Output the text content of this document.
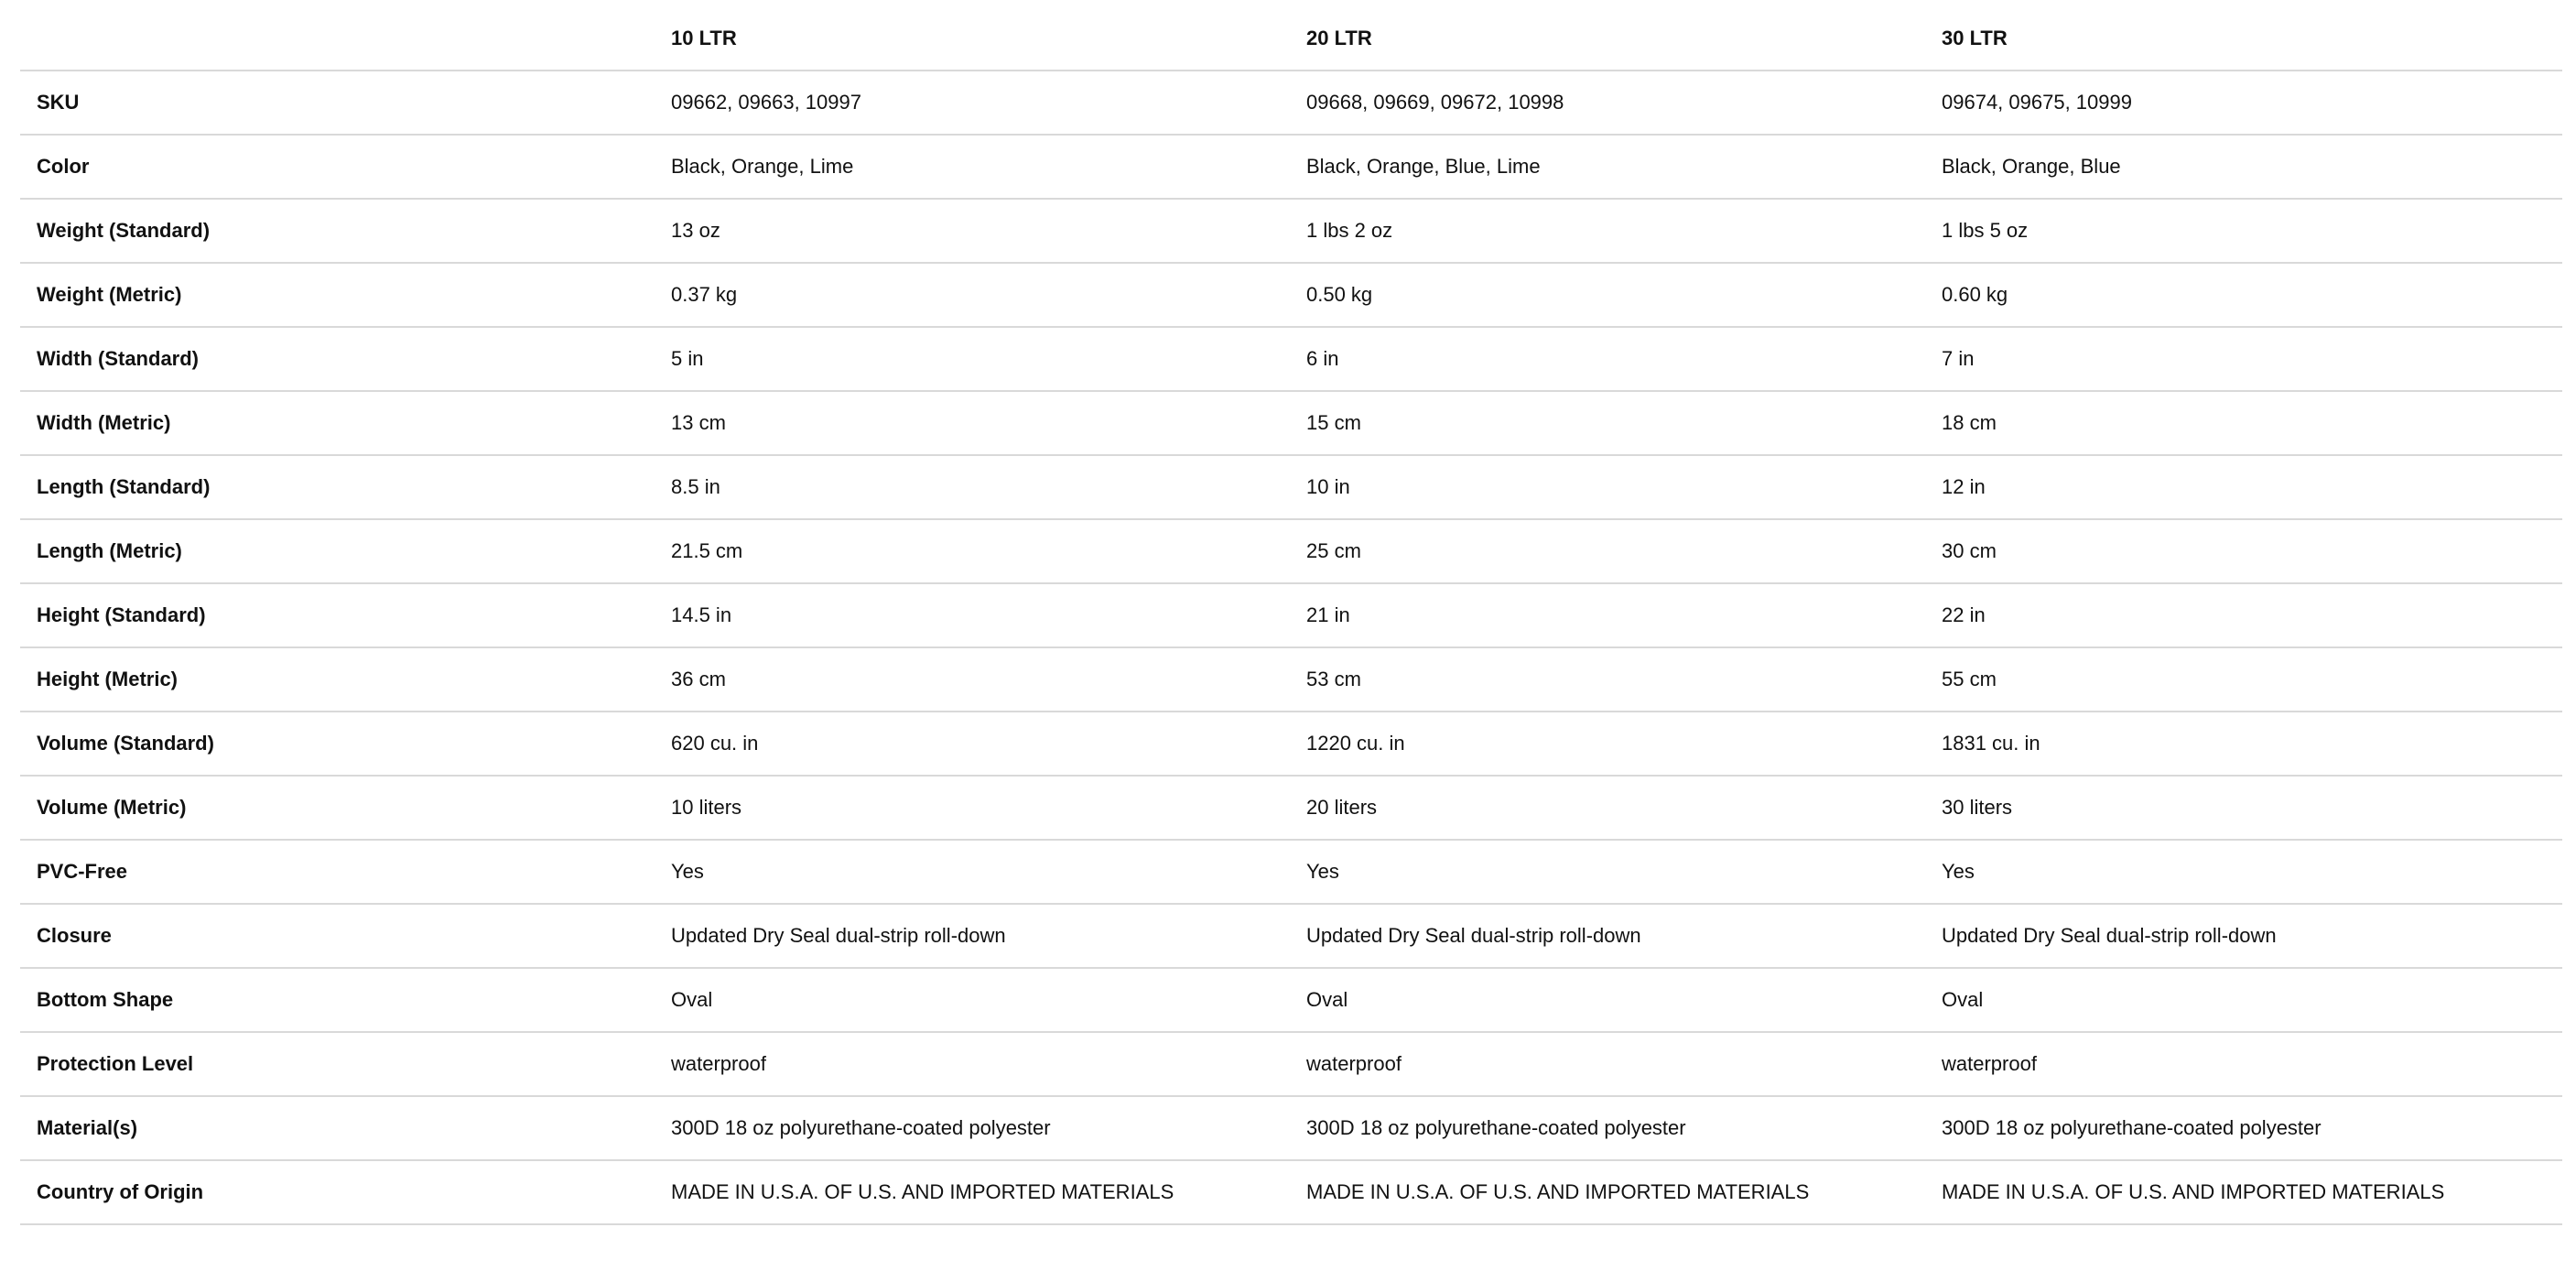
	10 LTR	20 LTR	30 LTR
SKU	09662, 09663, 10997	09668, 09669, 09672, 10998	09674, 09675, 10999
Color	Black, Orange, Lime	Black, Orange, Blue, Lime	Black, Orange, Blue
Weight (Standard)	13 oz	1 lbs 2 oz	1 lbs 5 oz
Weight (Metric)	0.37 kg	0.50 kg	0.60 kg
Width (Standard)	5 in	6 in	7 in
Width (Metric)	13 cm	15 cm	18 cm
Length (Standard)	8.5 in	10 in	12 in
Length (Metric)	21.5 cm	25 cm	30 cm
Height (Standard)	14.5 in	21 in	22 in
Height (Metric)	36 cm	53 cm	55 cm
Volume (Standard)	620 cu. in	1220 cu. in	1831 cu. in
Volume (Metric)	10 liters	20 liters	30 liters
PVC-Free	Yes	Yes	Yes
Closure	Updated Dry Seal dual-strip roll-down	Updated Dry Seal dual-strip roll-down	Updated Dry Seal dual-strip roll-down
Bottom Shape	Oval	Oval	Oval
Protection Level	waterproof	waterproof	waterproof
Material(s)	300D 18 oz polyurethane-coated polyester	300D 18 oz polyurethane-coated polyester	300D 18 oz polyurethane-coated polyester
Country of Origin	MADE IN U.S.A. OF U.S. AND IMPORTED MATERIALS	MADE IN U.S.A. OF U.S. AND IMPORTED MATERIALS	MADE IN U.S.A. OF U.S. AND IMPORTED MATERIALS
